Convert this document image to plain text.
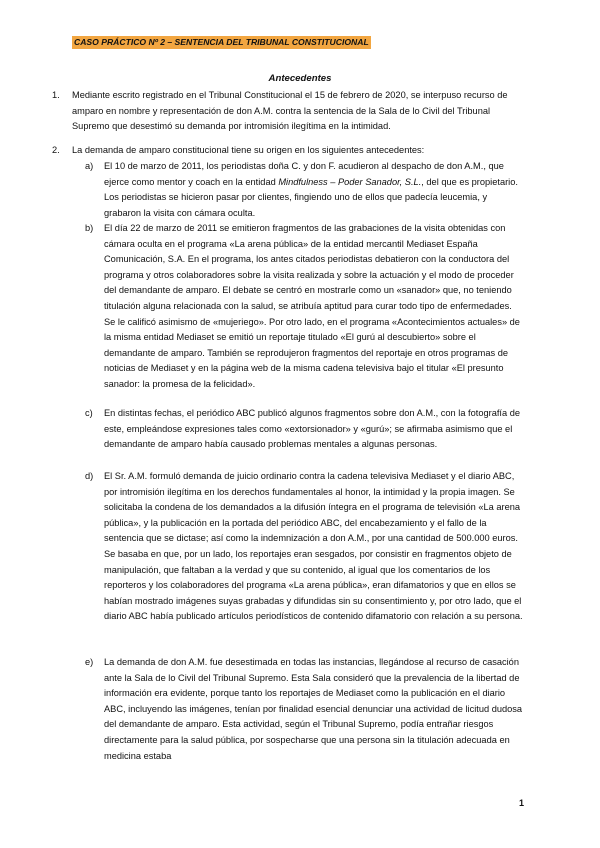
CASO PRÁCTICO Nº 2 – SENTENCIA DEL TRIBUNAL CONSTITUCIONAL
Antecedentes
1. Mediante escrito registrado en el Tribunal Constitucional el 15 de febrero de 2020, se interpuso recurso de amparo en nombre y representación de don A.M. contra la sentencia de la Sala de lo Civil del Tribunal Supremo que desestimó su demanda por intromisión ilegítima en la intimidad.
2. La demanda de amparo constitucional tiene su origen en los siguientes antecedentes:
a) El 10 de marzo de 2011, los periodistas doña C. y don F. acudieron al despacho de don A.M., que ejerce como mentor y coach en la entidad Mindfulness – Poder Sanador, S.L., del que es propietario. Los periodistas se hicieron pasar por clientes, fingiendo uno de ellos que padecía leucemia, y grabaron la visita con cámara oculta.
b) El día 22 de marzo de 2011 se emitieron fragmentos de las grabaciones de la visita obtenidas con cámara oculta en el programa «La arena pública» de la entidad mercantil Mediaset España Comunicación, S.A. En el programa, los antes citados periodistas debatieron con la conductora del programa y otros colaboradores sobre la visita realizada y sobre la actuación y el modo de proceder del demandante de amparo. El debate se centró en mostrarle como un «sanador» que, no teniendo titulación alguna relacionada con la salud, se atribuía aptitud para curar todo tipo de enfermedades. Se le calificó asimismo de «mujeriego». Por otro lado, en el programa «Acontecimientos actuales» de la misma entidad Mediaset se emitió un reportaje titulado «El gurú al descubierto» sobre el demandante de amparo. También se reprodujeron fragmentos del reportaje en otros programas de noticias de Mediaset y en la página web de la misma cadena televisiva bajo el titular «El presunto sanador: la promesa de la felicidad».
c) En distintas fechas, el periódico ABC publicó algunos fragmentos sobre don A.M., con la fotografía de este, empleándose expresiones tales como «extorsionador» y «gurú»; se afirmaba asimismo que el demandante de amparo había causado problemas mentales a algunas personas.
d) El Sr. A.M. formuló demanda de juicio ordinario contra la cadena televisiva Mediaset y el diario ABC, por intromisión ilegítima en los derechos fundamentales al honor, la intimidad y la propia imagen. Se solicitaba la condena de los demandados a la difusión íntegra en el programa de televisión «La arena pública», y la publicación en la portada del periódico ABC, del encabezamiento y el fallo de la sentencia que se dictase; así como la indemnización a don A.M., por una cantidad de 500.000 euros. Se basaba en que, por un lado, los reportajes eran sesgados, por consistir en fragmentos objeto de manipulación, que faltaban a la verdad y que su contenido, al igual que los comentarios de los reporteros y los colaboradores del programa «La arena pública», eran difamatorios y que en ellos se habían mostrado imágenes suyas grabadas y difundidas sin su consentimiento y, por otro lado, que el diario ABC había publicado artículos periodísticos de contenido difamatorio con relación a su persona.
e) La demanda de don A.M. fue desestimada en todas las instancias, llegándose al recurso de casación ante la Sala de lo Civil del Tribunal Supremo. Esta Sala consideró que la prevalencia de la libertad de información era evidente, porque tanto los reportajes de Mediaset como la publicación en el diario ABC, incluyendo las imágenes, tenían por finalidad esencial denunciar una actividad de licitud dudosa del demandante de amparo. Esta actividad, según el Tribunal Supremo, podía entrañar riesgos directamente para la salud pública, por sospecharse que una persona sin la titulación adecuada en medicina estaba
1
